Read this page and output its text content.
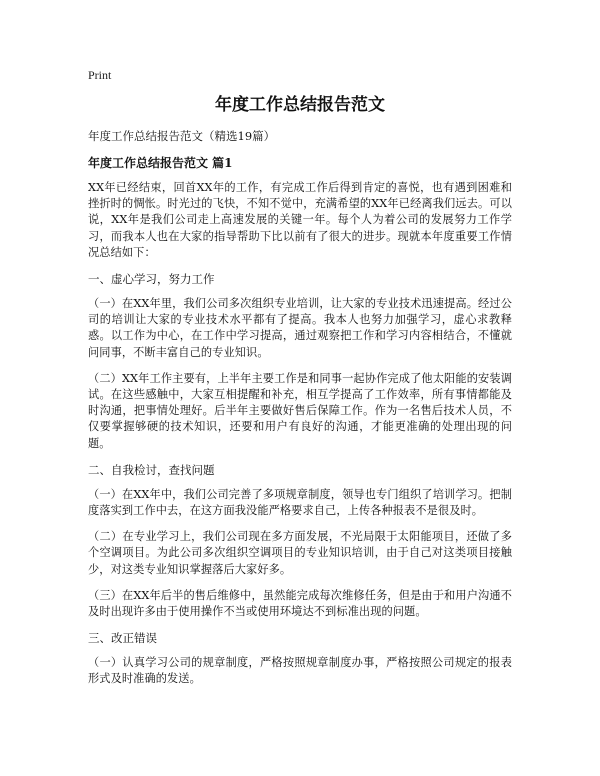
Print
年度工作总结报告范文
年度工作总结报告范文（精选19篇）
年度工作总结报告范文 篇1

XX年已经结束，回首XX年的工作，有完成工作后得到肯定的喜悦，也有遇到困难和挫折时的惆怅。时光过的飞快，不知不觉中，充满希望的XX年已经离我们远去。可以说，XX年是我们公司走上高速发展的关键一年。每个人为着公司的发展努力工作学习，而我本人也在大家的指导帮助下比以前有了很大的进步。现就本年度重要工作情况总结如下：

一、虚心学习，努力工作

（一）在XX年里，我们公司多次组织专业培训，让大家的专业技术迅速提高。经过公司的培训让大家的专业技术水平都有了提高。我本人也努力加强学习，虚心求教释惑。以工作为中心，在工作中学习提高，通过观察把工作和学习内容相结合，不懂就问同事，不断丰富自己的专业知识。

（二）XX年工作主要有，上半年主要工作是和同事一起协作完成了他太阳能的安装调试。在这些感触中，大家互相提醒和补充，相互学提高了工作效率，所有事情都能及时沟通，把事情处理好。后半年主要做好售后保障工作。作为一名售后技术人员，不仅要掌握够硬的技术知识，还要和用户有良好的沟通，才能更准确的处理出现的问题。

二、自我检讨，查找问题

（一）在XX年中，我们公司完善了多项规章制度，领导也专门组织了培训学习。把制度落实到工作中去，在这方面我没能严格要求自己，上传各种报表不是很及时。

（二）在专业学习上，我们公司现在多方面发展，不光局限于太阳能项目，还做了多个空调项目。为此公司多次组织空调项目的专业知识培训，由于自己对这类项目接触少，对这类专业知识掌握落后大家好多。

（三）在XX年后半的售后维修中，虽然能完成每次维修任务，但是由于和用户沟通不及时出现许多由于使用操作不当或使用环境达不到标准出现的问题。

三、改正错误

（一）认真学习公司的规章制度，严格按照规章制度办事，严格按照公司规定的报表形式及时准确的发送。
